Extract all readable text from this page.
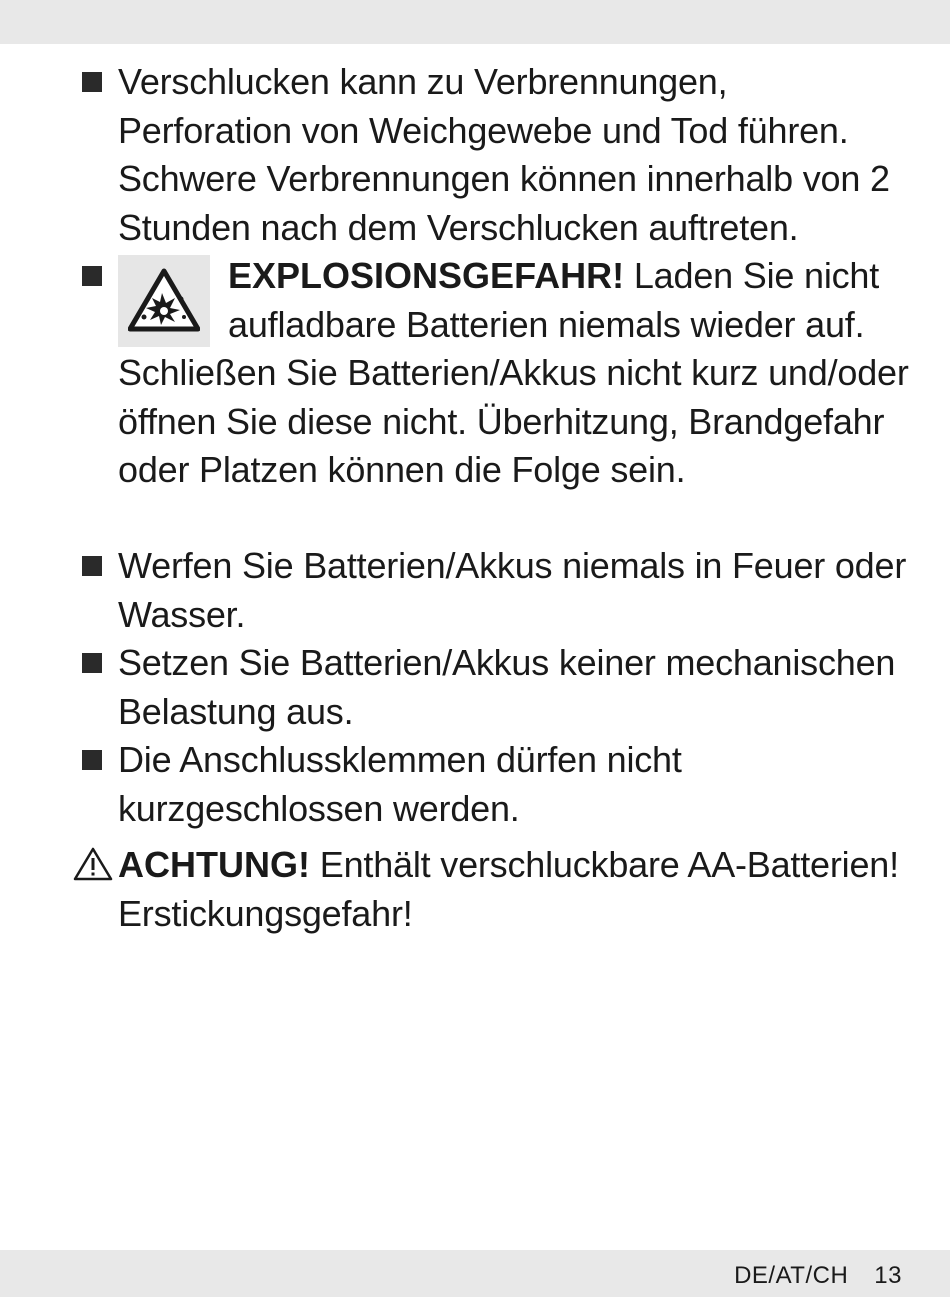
Verschlucken kann zu Verbrennungen, Perforation von Weichgewebe und Tod führen. Schwere Verbrennungen können innerhalb von 2 Stunden nach dem Verschlucken auftreten.

EXPLOSIONSGEFAHR! Laden Sie nicht aufladbare Batterien niemals wieder auf. Schließen Sie Batterien/Akkus nicht kurz und/oder öffnen Sie diese nicht. Überhitzung, Brandgefahr oder Platzen können die Folge sein.

Werfen Sie Batterien/Akkus niemals in Feuer oder Wasser.

Setzen Sie Batterien/Akkus keiner mechanischen Belastung aus.

Die Anschlussklemmen dürfen nicht kurzgeschlossen werden.

ACHTUNG! Enthält verschluckbare AA-Batterien! Erstickungsgefahr!

DE/AT/CH 13
